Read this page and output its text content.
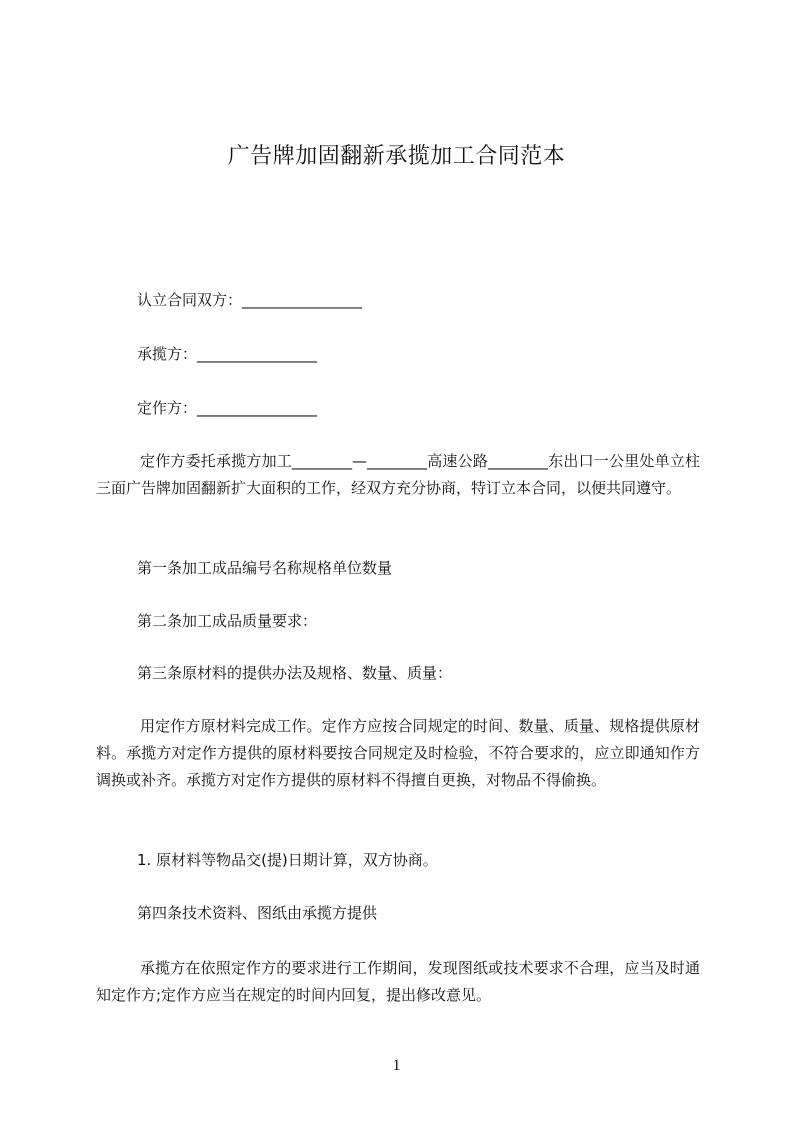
广告牌加固翻新承揽加工合同范本
认立合同双方：________________
承揽方：________________
定作方：________________
定作方委托承揽方加工________—________高速公路________东出口一公里处单立柱三面广告牌加固翻新扩大面积的工作，经双方充分协商，特订立本合同，以便共同遵守。
第一条加工成品编号名称规格单位数量
第二条加工成品质量要求：
第三条原材料的提供办法及规格、数量、质量：
用定作方原材料完成工作。定作方应按合同规定的时间、数量、质量、规格提供原材料。承揽方对定作方提供的原材料要按合同规定及时检验，不符合要求的，应立即通知作方调换或补齐。承揽方对定作方提供的原材料不得擅自更换，对物品不得偷换。
1. 原材料等物品交(提)日期计算，双方协商。
第四条技术资料、图纸由承揽方提供
承揽方在依照定作方的要求进行工作期间，发现图纸或技术要求不合理，应当及时通知定作方;定作方应当在规定的时间内回复，提出修改意见。
1
